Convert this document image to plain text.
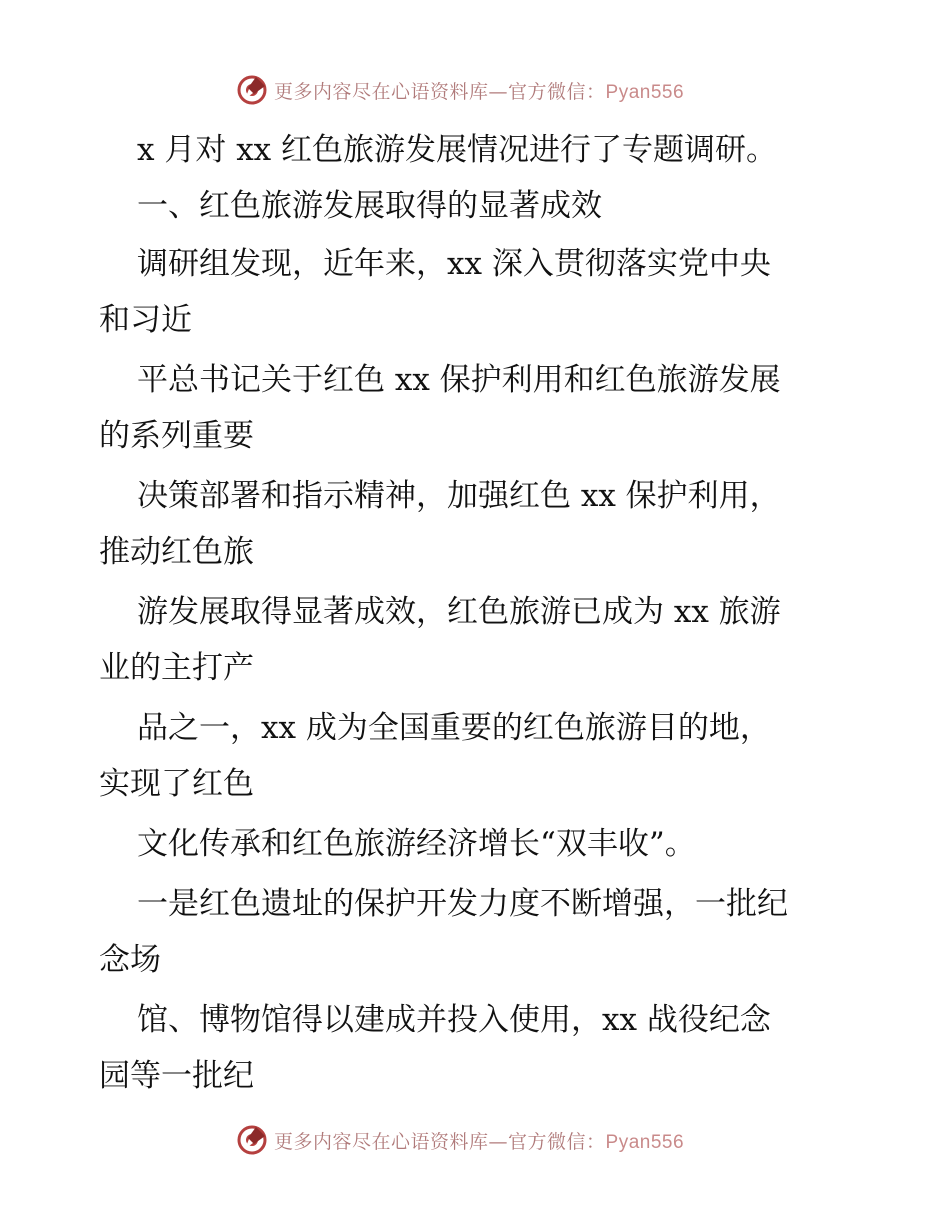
更多内容尽在心语资料库—官方微信：Pyan556
x 月对 xx 红色旅游发展情况进行了专题调研。
一、红色旅游发展取得的显著成效
调研组发现，近年来，xx 深入贯彻落实党中央
和习近
平总书记关于红色 xx 保护利用和红色旅游发展
的系列重要
决策部署和指示精神，加强红色 xx 保护利用，
推动红色旅
游发展取得显著成效，红色旅游已成为 xx 旅游
业的主打产
品之一，xx 成为全国重要的红色旅游目的地，
实现了红色
文化传承和红色旅游经济增长“双丰收”。
一是红色遗址的保护开发力度不断增强，一批纪
念场
馆、博物馆得以建成并投入使用，xx 战役纪念
园等一批纪
更多内容尽在心语资料库—官方微信：Pyan556
